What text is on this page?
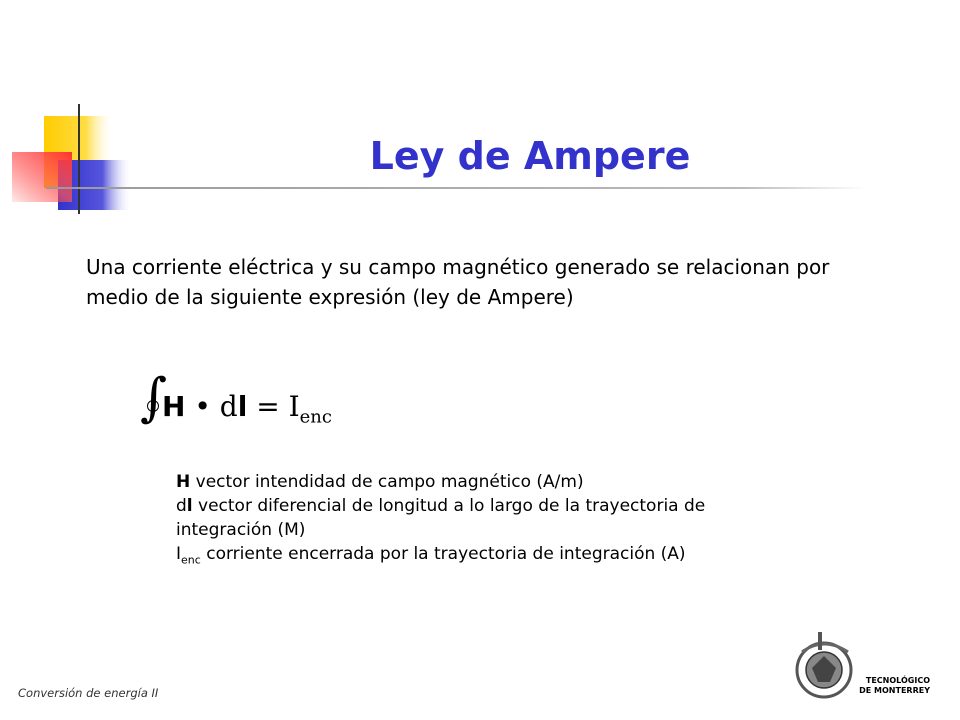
Ley de Ampere

Una corriente eléctrica y su campo magnético generado se relacionan por medio de la siguiente expresión (ley de Ampere)

∫
H • dl = $I_{enc}$

H vector intendidad de campo magnético (A/m)

dl vector diferencial de longitud a lo largo de la trayectoria de integración (M)

$I_{enc}$ corriente encerrada por la trayectoria de integración (A)

Conversión de energía II
TECNOLÓGICO
DE MONTERREY
